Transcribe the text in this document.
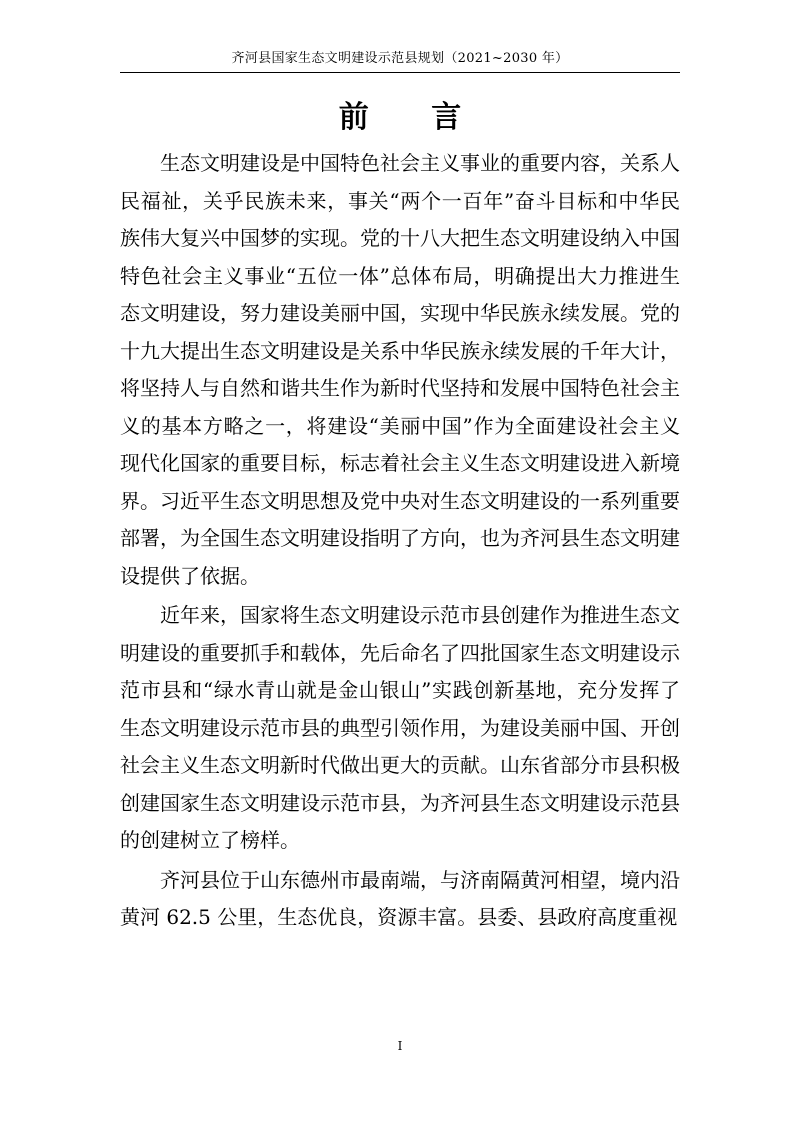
齐河县国家生态文明建设示范县规划（2021~2030 年）
前 言

生态文明建设是中国特色社会主义事业的重要内容，关系人民福祉，关乎民族未来，事关“两个一百年”奋斗目标和中华民族伟大复兴中国梦的实现。党的十八大把生态文明建设纳入中国特色社会主义事业“五位一体”总体布局，明确提出大力推进生态文明建设，努力建设美丽中国，实现中华民族永续发展。党的十九大提出生态文明建设是关系中华民族永续发展的千年大计，将坚持人与自然和谐共生作为新时代坚持和发展中国特色社会主义的基本方略之一，将建设“美丽中国”作为全面建设社会主义现代化国家的重要目标，标志着社会主义生态文明建设进入新境界。习近平生态文明思想及党中央对生态文明建设的一系列重要部署，为全国生态文明建设指明了方向，也为齐河县生态文明建设提供了依据。

近年来，国家将生态文明建设示范市县创建作为推进生态文明建设的重要抓手和载体，先后命名了四批国家生态文明建设示范市县和“绿水青山就是金山银山”实践创新基地，充分发挥了生态文明建设示范市县的典型引领作用，为建设美丽中国、开创社会主义生态文明新时代做出更大的贡献。山东省部分市县积极创建国家生态文明建设示范市县，为齐河县生态文明建设示范县的创建树立了榜样。

齐河县位于山东德州市最南端，与济南隔黄河相望，境内沿黄河 62.5 公里，生态优良，资源丰富。县委、县政府高度重视

I
